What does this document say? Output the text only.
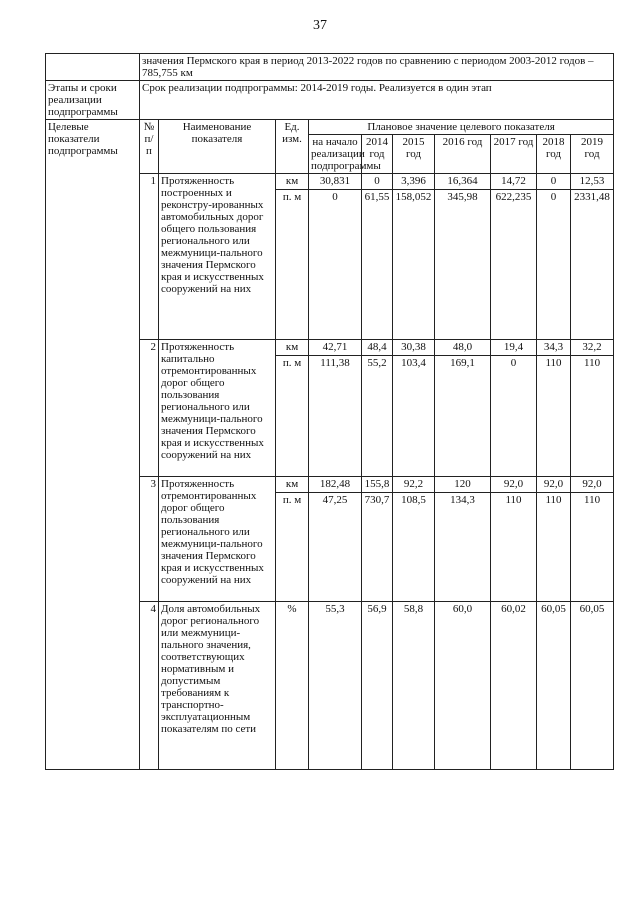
37
	значения Пермского края в период 2013-2022 годов по сравнению с периодом 2003-2012 годов – 785,755 км									
Этапы и сроки реализации подпрограммы	Срок реализации подпрограммы: 2014-2019 годы. Реализуется в один этап									
Целевые показатели подпрограммы	№ п/п	Наименование показателя	Ед. изм.	Плановое значение целевого показателя						
				на начало реализации подпрограммы	2014 год	2015 год	2016 год	2017 год	2018 год	2019 год
	1	Протяженность построенных и реконстру-ированных автомобильных дорог общего пользования регионального или межмуници-пального значения Пермского края и искусственных сооружений на них	км	30,831	0	3,396	16,364	14,72	0	12,53
			п. м	0	61,55	158,052	345,98	622,235	0	2331,48
	2	Протяженность капитально отремонтированных дорог общего пользования регионального или межмуници-пального значения Пермского края и искусственных сооружений на них	км	42,71	48,4	30,38	48,0	19,4	34,3	32,2
			п. м	111,38	55,2	103,4	169,1	0	110	110
	3	Протяженность отремонтированных дорог общего пользования регионального или межмуници-пального значения Пермского края и искусственных сооружений на них	км	182,48	155,8	92,2	120	92,0	92,0	92,0
			п. м	47,25	730,7	108,5	134,3	110	110	110
	4	Доля автомобильных дорог регионального или межмуници-пального значения, соответствующих нормативным и допустимым требованиям к транспортно-эксплуатационным показателям по сети	%	55,3	56,9	58,8	60,0	60,02	60,05	60,05
